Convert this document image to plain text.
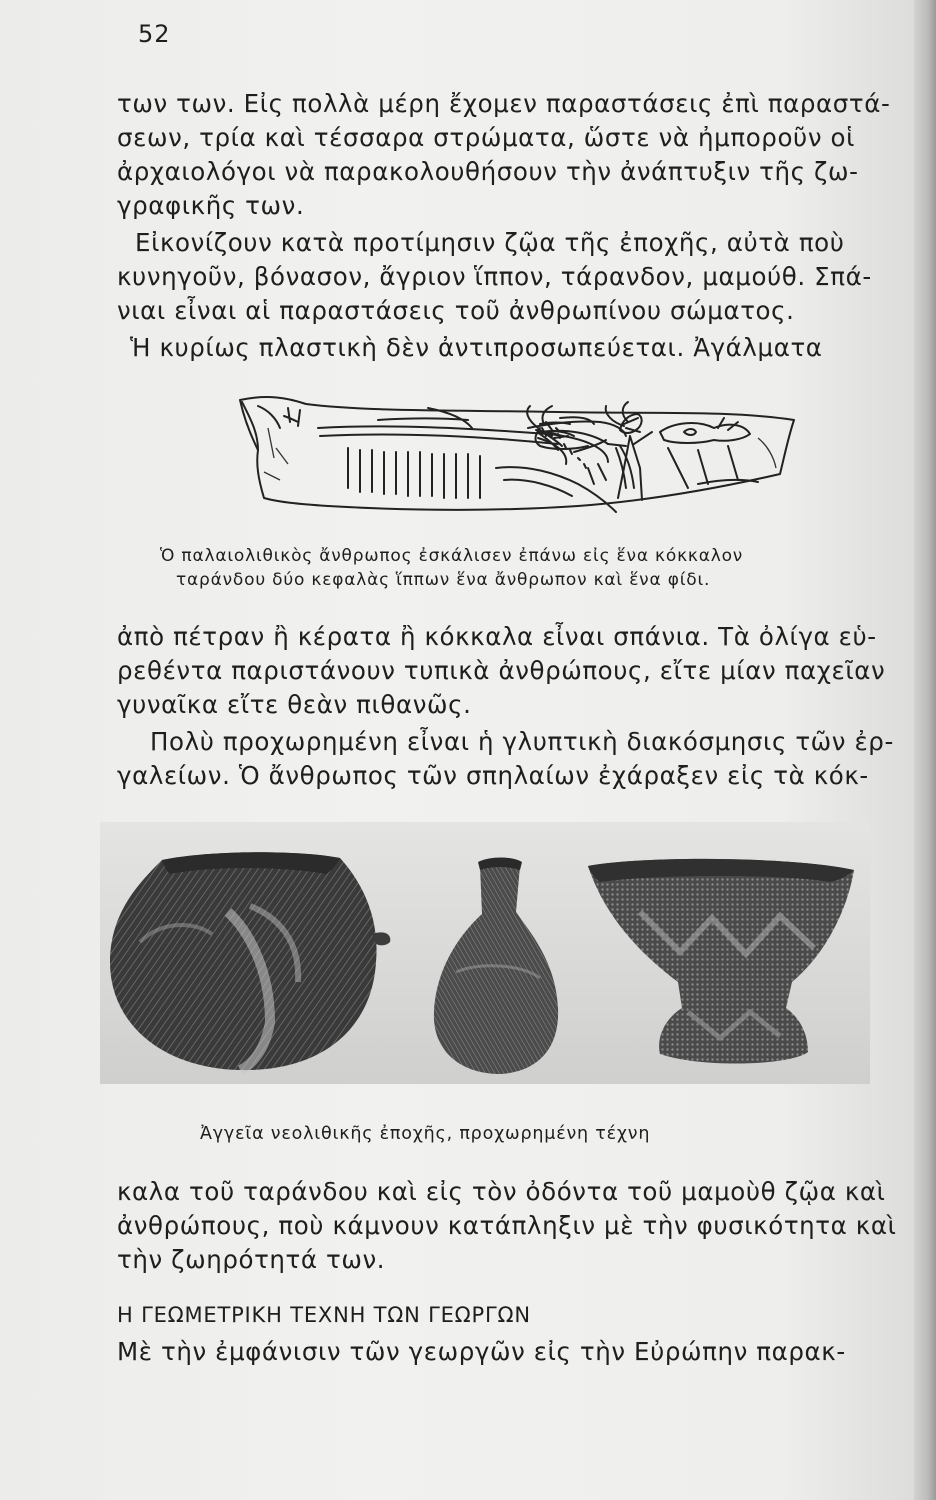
52
των των. Εἰς πολλὰ μέρη ἔχομεν παραστάσεις ἐπὶ παραστά-
σεων, τρία καὶ τέσσαρα στρώματα, ὥστε νὰ ἠμποροῦν οἱ
ἀρχαιολόγοι νὰ παρακολουθήσουν τὴν ἀνάπτυξιν τῆς ζω-
γραφικῆς των.
Εἰκονίζουν κατὰ προτίμησιν ζῷα τῆς ἐποχῆς, αὐτὰ ποὺ
κυνηγοῦν, βόνασον, ἄγριον ἵππον, τάρανδον, μαμούθ. Σπά-
νιαι εἶναι αἱ παραστάσεις τοῦ ἀνθρωπίνου σώματος.
Ἡ κυρίως πλαστικὴ δὲν ἀντιπροσωπεύεται. Ἀγάλματα
Ὁ παλαιολιθικὸς ἄνθρωπος ἐσκάλισεν ἐπάνω εἰς ἕνα κόκκαλον
ταράνδου δύο κεφαλὰς ἵππων ἕνα ἄνθρωπον καὶ ἕνα φίδι.
ἀπὸ πέτραν ἢ κέρατα ἢ κόκκαλα εἶναι σπάνια. Τὰ ὀλίγα εὑ-
ρεθέντα παριστάνουν τυπικὰ ἀνθρώπους, εἴτε μίαν παχεῖαν
γυναῖκα εἴτε θεὰν πιθανῶς.
Πολὺ προχωρημένη εἶναι ἡ γλυπτικὴ διακόσμησις τῶν ἐρ-
γαλείων. Ὁ ἄνθρωπος τῶν σπηλαίων ἐχάραξεν εἰς τὰ κόκ-
Ἀγγεῖα νεολιθικῆς ἐποχῆς, προχωρημένη τέχνη
καλα τοῦ ταράνδου καὶ εἰς τὸν ὀδόντα τοῦ μαμοὺθ ζῷα καὶ
ἀνθρώπους, ποὺ κάμνουν κατάπληξιν μὲ τὴν φυσικότητα καὶ
τὴν ζωηρότητά των.
Η ΓΕΩΜΕΤΡΙΚΗ ΤΕΧΝΗ ΤΩΝ ΓΕΩΡΓΩΝ
Μὲ τὴν ἐμφάνισιν τῶν γεωργῶν εἰς τὴν Εὐρώπην παρακ-
